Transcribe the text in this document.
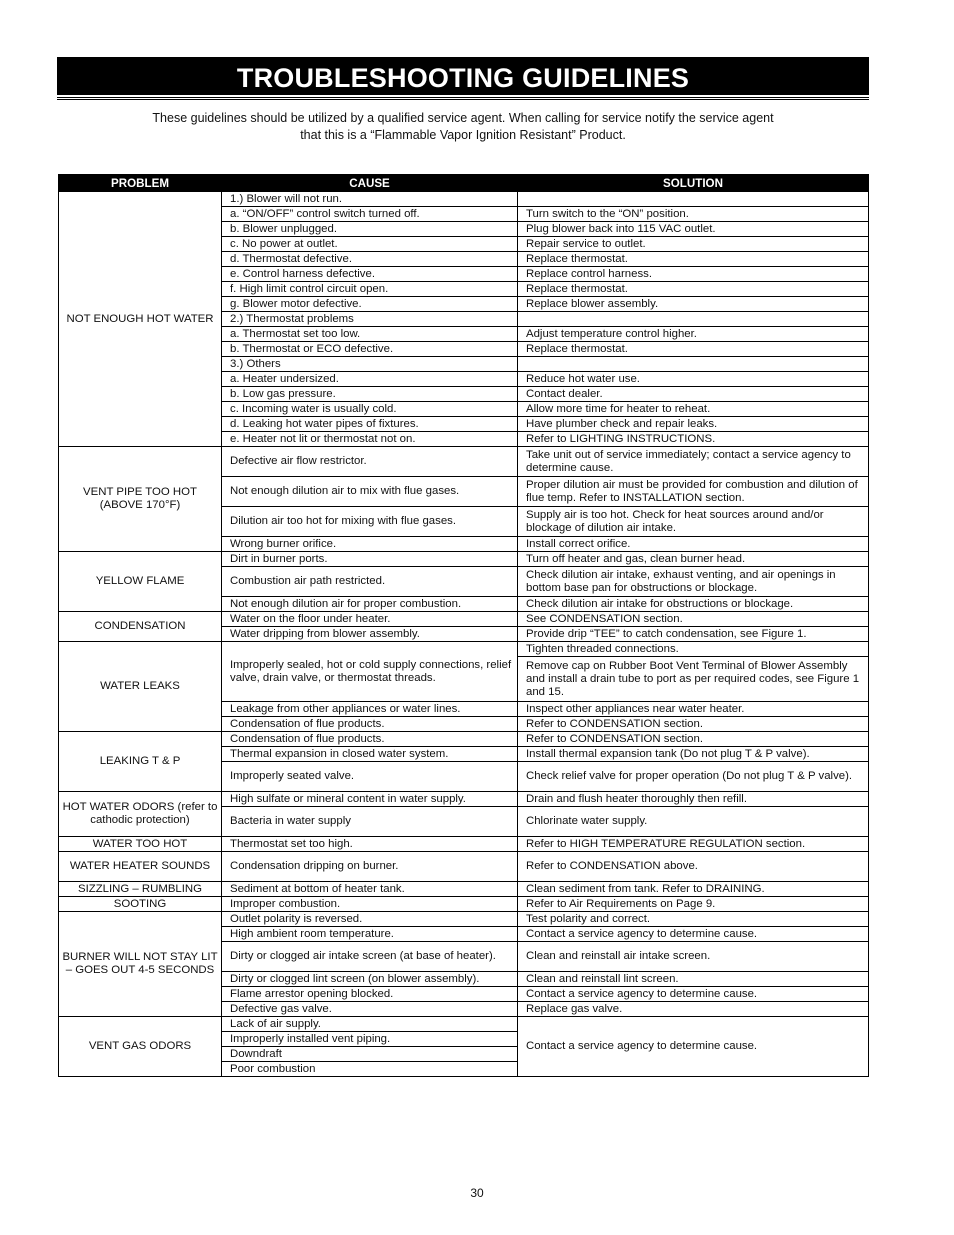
TROUBLESHOOTING GUIDELINES
These guidelines should be utilized by a qualified service agent. When calling for service notify the service agent
that this is a “Flammable Vapor Ignition Resistant” Product.
PROBLEM	CAUSE	SOLUTION
NOT ENOUGH HOT WATER	1.) Blower will not run.	
	a. “ON/OFF” control switch turned off.	Turn switch to the “ON” position.
	b. Blower unplugged.	Plug blower back into 115 VAC outlet.
	c. No power at outlet.	Repair service to outlet.
	d. Thermostat defective.	Replace thermostat.
	e. Control harness defective.	Replace control harness.
	f. High limit control circuit open.	Replace thermostat.
	g. Blower motor defective.	Replace blower assembly.
	2.) Thermostat problems	
	a. Thermostat set too low.	Adjust temperature control higher.
	b. Thermostat or ECO defective.	Replace thermostat.
	3.) Others	
	a. Heater undersized.	Reduce hot water use.
	b. Low gas pressure.	Contact dealer.
	c. Incoming water is usually cold.	Allow more time for heater to reheat.
	d. Leaking hot water pipes of fixtures.	Have plumber check and repair leaks.
	e. Heater not lit or thermostat not on.	Refer to LIGHTING INSTRUCTIONS.
VENT PIPE TOO HOT (ABOVE 170°F)	Defective air flow restrictor.	Take unit out of service immediately; contact a service agency to determine cause.
	Not enough dilution air to mix with flue gases.	Proper dilution air must be provided for combustion and dilution of flue temp. Refer to INSTALLATION section.
	Dilution air too hot for mixing with flue gases.	Supply air is too hot. Check for heat sources around and/or blockage of dilution air intake.
	Wrong burner orifice.	Install correct orifice.
YELLOW FLAME	Dirt in burner ports.	Turn off heater and gas, clean burner head.
	Combustion air path restricted.	Check dilution air intake, exhaust venting, and air openings in bottom base pan for obstructions or blockage.
	Not enough dilution air for proper combustion.	Check dilution air intake for obstructions or blockage.
CONDENSATION	Water on the floor under heater.	See CONDENSATION section.
	Water dripping from blower assembly.	Provide drip “TEE” to catch condensation, see Figure 1.
WATER LEAKS	Improperly sealed, hot or cold supply connections, relief valve, drain valve, or thermostat threads.	Tighten threaded connections.
		Remove cap on Rubber Boot Vent Terminal of Blower Assembly and install a drain tube to port as per required codes, see Figure 1 and 15.
	Leakage from other appliances or water lines.	Inspect other appliances near water heater.
	Condensation of flue products.	Refer to CONDENSATION section.
LEAKING T & P	Condensation of flue products.	Refer to CONDENSATION section.
	Thermal expansion in closed water system.	Install thermal expansion tank (Do not plug T & P valve).
	Improperly seated valve.	Check relief valve for proper operation (Do not plug T & P valve).
HOT WATER ODORS (refer to cathodic protection)	High sulfate or mineral content in water supply.	Drain and flush heater thoroughly then refill.
	Bacteria in water supply	Chlorinate water supply.
WATER TOO HOT	Thermostat set too high.	Refer to HIGH TEMPERATURE REGULATION section.
WATER HEATER SOUNDS	Condensation dripping on burner.	Refer to CONDENSATION above.
SIZZLING – RUMBLING	Sediment at bottom of heater tank.	Clean sediment from tank. Refer to DRAINING.
SOOTING	Improper combustion.	Refer to Air Requirements on Page 9.
BURNER WILL NOT STAY LIT – GOES OUT 4-5 SECONDS	Outlet polarity is reversed.	Test polarity and correct.
	High ambient room temperature.	Contact a service agency to determine cause.
	Dirty or clogged air intake screen (at base of heater).	Clean and reinstall air intake screen.
	Dirty or clogged lint screen (on blower assembly).	Clean and reinstall lint screen.
	Flame arrestor opening blocked.	Contact a service agency to determine cause.
	Defective gas valve.	Replace gas valve.
VENT GAS ODORS	Lack of air supply.	Contact a service agency to determine cause.
	Improperly installed vent piping.	
	Downdraft	
	Poor combustion	
30
